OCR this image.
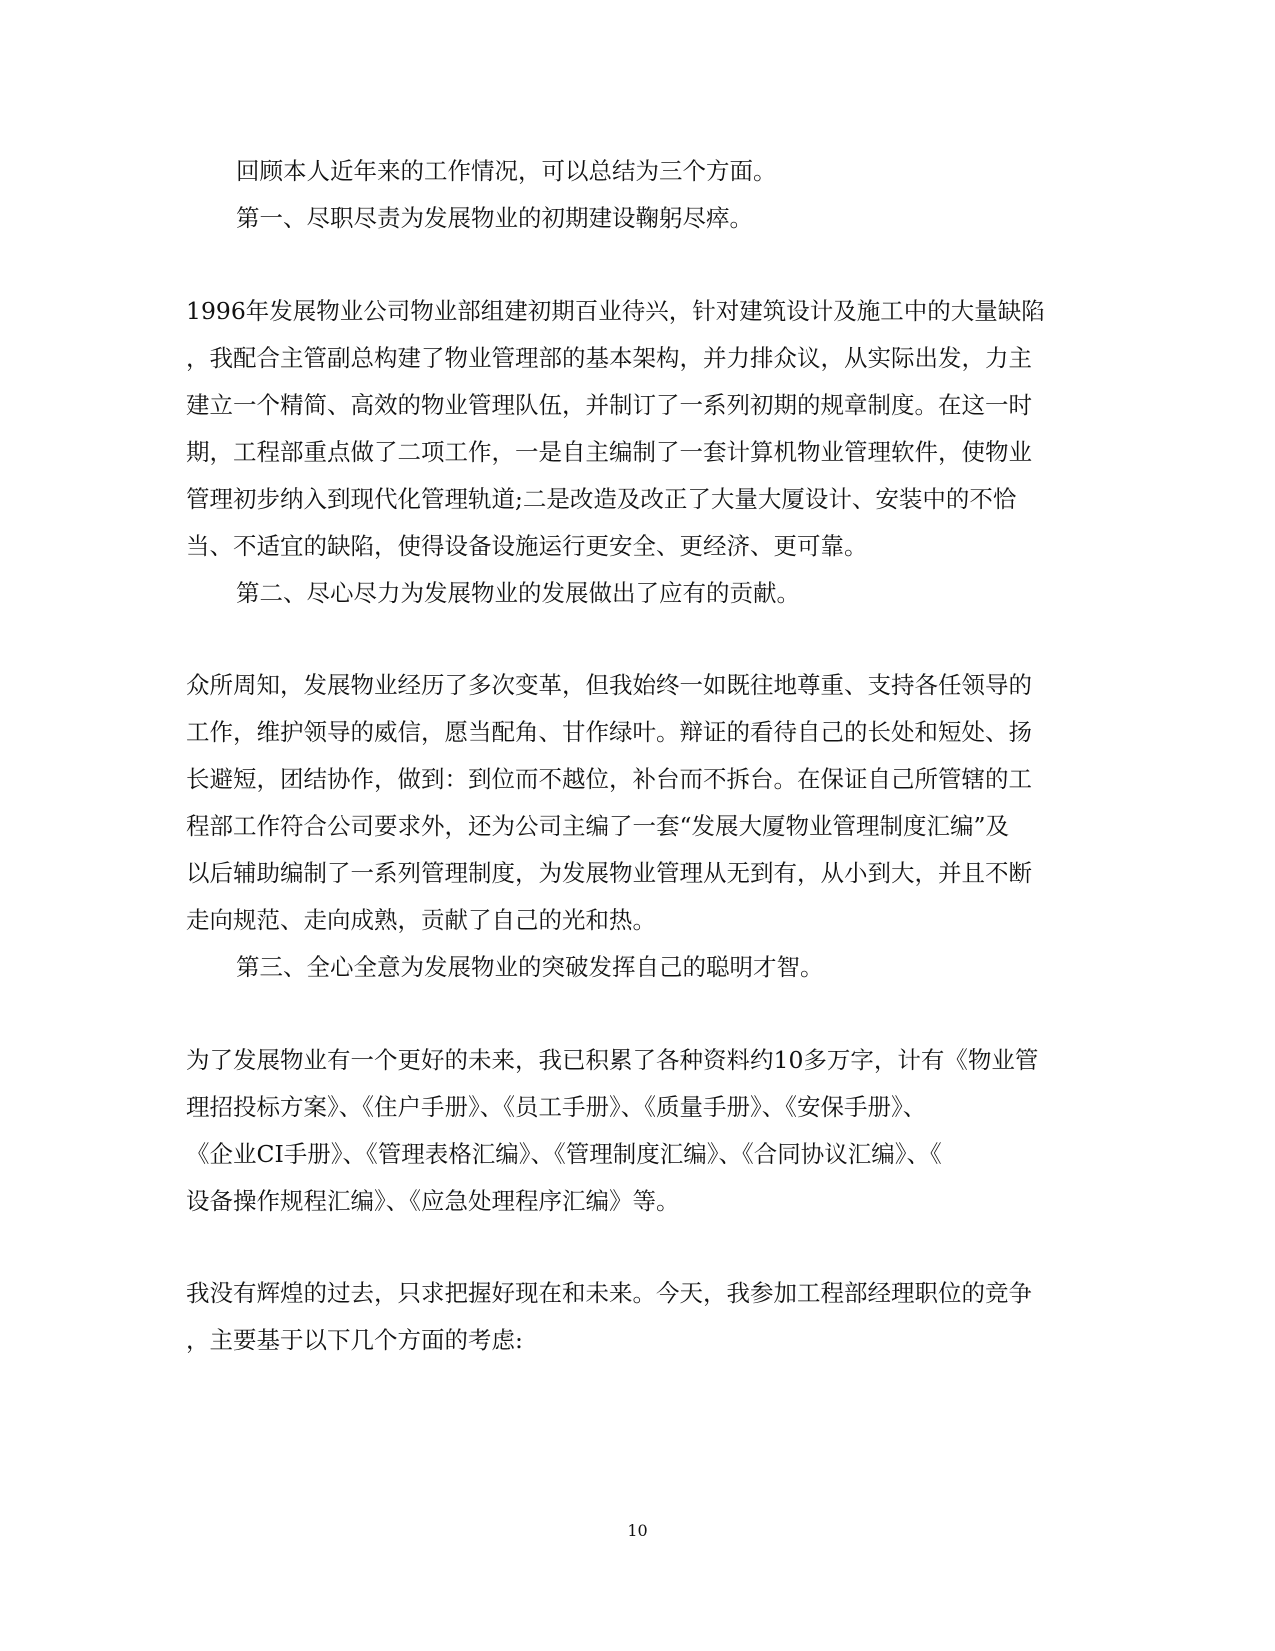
回顾本人近年来的工作情况，可以总结为三个方面。
第一、尽职尽责为发展物业的初期建设鞠躬尽瘁。
1996年发展物业公司物业部组建初期百业待兴，针对建筑设计及施工中的大量缺陷
，我配合主管副总构建了物业管理部的基本架构，并力排众议，从实际出发，力主
建立一个精简、高效的物业管理队伍，并制订了一系列初期的规章制度。在这一时
期，工程部重点做了二项工作，一是自主编制了一套计算机物业管理软件，使物业
管理初步纳入到现代化管理轨道;二是改造及改正了大量大厦设计、安装中的不恰
当、不适宜的缺陷，使得设备设施运行更安全、更经济、更可靠。
第二、尽心尽力为发展物业的发展做出了应有的贡献。
众所周知，发展物业经历了多次变革，但我始终一如既往地尊重、支持各任领导的
工作，维护领导的威信，愿当配角、甘作绿叶。辩证的看待自己的长处和短处、扬
长避短，团结协作，做到：到位而不越位，补台而不拆台。在保证自己所管辖的工
程部工作符合公司要求外，还为公司主编了一套“发展大厦物业管理制度汇编”及
以后辅助编制了一系列管理制度，为发展物业管理从无到有，从小到大，并且不断
走向规范、走向成熟，贡献了自己的光和热。
第三、全心全意为发展物业的突破发挥自己的聪明才智。
为了发展物业有一个更好的未来，我已积累了各种资料约10多万字，计有《物业管
理招投标方案》、《住户手册》、《员工手册》、《质量手册》、《安保手册》、
《企业CI手册》、《管理表格汇编》、《管理制度汇编》、《合同协议汇编》、《
设备操作规程汇编》、《应急处理程序汇编》等。
我没有辉煌的过去，只求把握好现在和未来。今天，我参加工程部经理职位的竞争
，主要基于以下几个方面的考虑:
10
